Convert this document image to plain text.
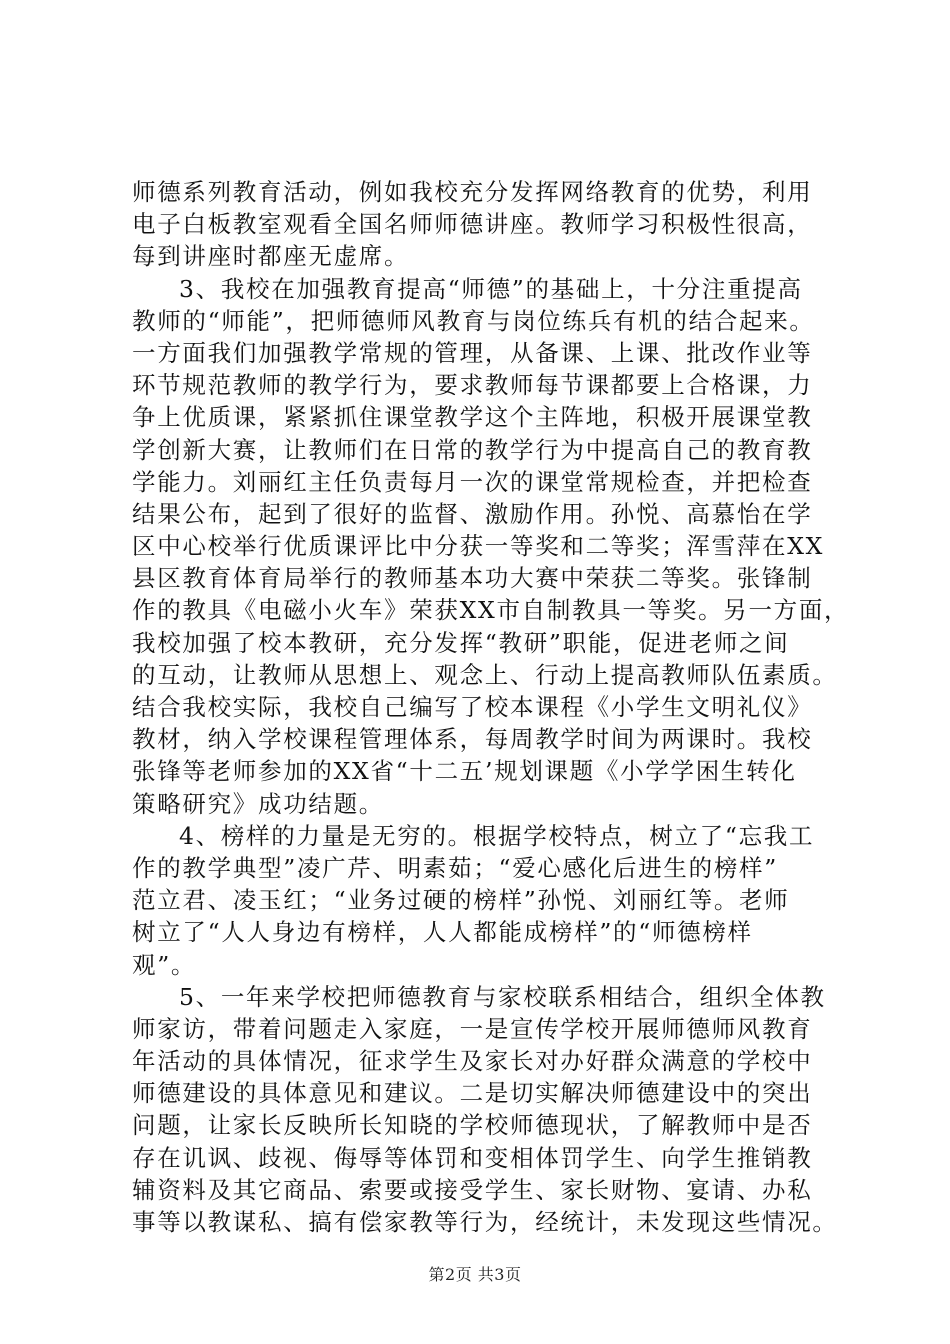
师德系列教育活动，例如我校充分发挥网络教育的优势，利用
电子白板教室观看全国名师师德讲座。教师学习积极性很高，
每到讲座时都座无虚席。
3、我校在加强教育提高“师德”的基础上，十分注重提高
教师的“师能”，把师德师风教育与岗位练兵有机的结合起来。
一方面我们加强教学常规的管理，从备课、上课、批改作业等
环节规范教师的教学行为，要求教师每节课都要上合格课，力
争上优质课，紧紧抓住课堂教学这个主阵地，积极开展课堂教
学创新大赛，让教师们在日常的教学行为中提高自己的教育教
学能力。刘丽红主任负责每月一次的课堂常规检查，并把检查
结果公布，起到了很好的监督、激励作用。孙悦、高慕怡在学
区中心校举行优质课评比中分获一等奖和二等奖；浑雪萍在XX
县区教育体育局举行的教师基本功大赛中荣获二等奖。张锋制
作的教具《电磁小火车》荣获XX市自制教具一等奖。另一方面，
我校加强了校本教研，充分发挥“教研”职能，促进老师之间
的互动，让教师从思想上、观念上、行动上提高教师队伍素质。
结合我校实际，我校自己编写了校本课程《小学生文明礼仪》
教材，纳入学校课程管理体系，每周教学时间为两课时。我校
张锋等老师参加的XX省“十二五’规划课题《小学学困生转化
策略研究》成功结题。
4、榜样的力量是无穷的。根据学校特点，树立了“忘我工
作的教学典型”凌广芹、明素茹；“爱心感化后进生的榜样”
范立君、凌玉红；“业务过硬的榜样”孙悦、刘丽红等。老师
树立了“人人身边有榜样，人人都能成榜样”的“师德榜样
观”。
5、一年来学校把师德教育与家校联系相结合，组织全体教
师家访，带着问题走入家庭，一是宣传学校开展师德师风教育
年活动的具体情况，征求学生及家长对办好群众满意的学校中
师德建设的具体意见和建议。二是切实解决师德建设中的突出
问题，让家长反映所长知晓的学校师德现状，了解教师中是否
存在讥讽、歧视、侮辱等体罚和变相体罚学生、向学生推销教
辅资料及其它商品、索要或接受学生、家长财物、宴请、办私
事等以教谋私、搞有偿家教等行为，经统计，未发现这些情况。
第2页 共3页
